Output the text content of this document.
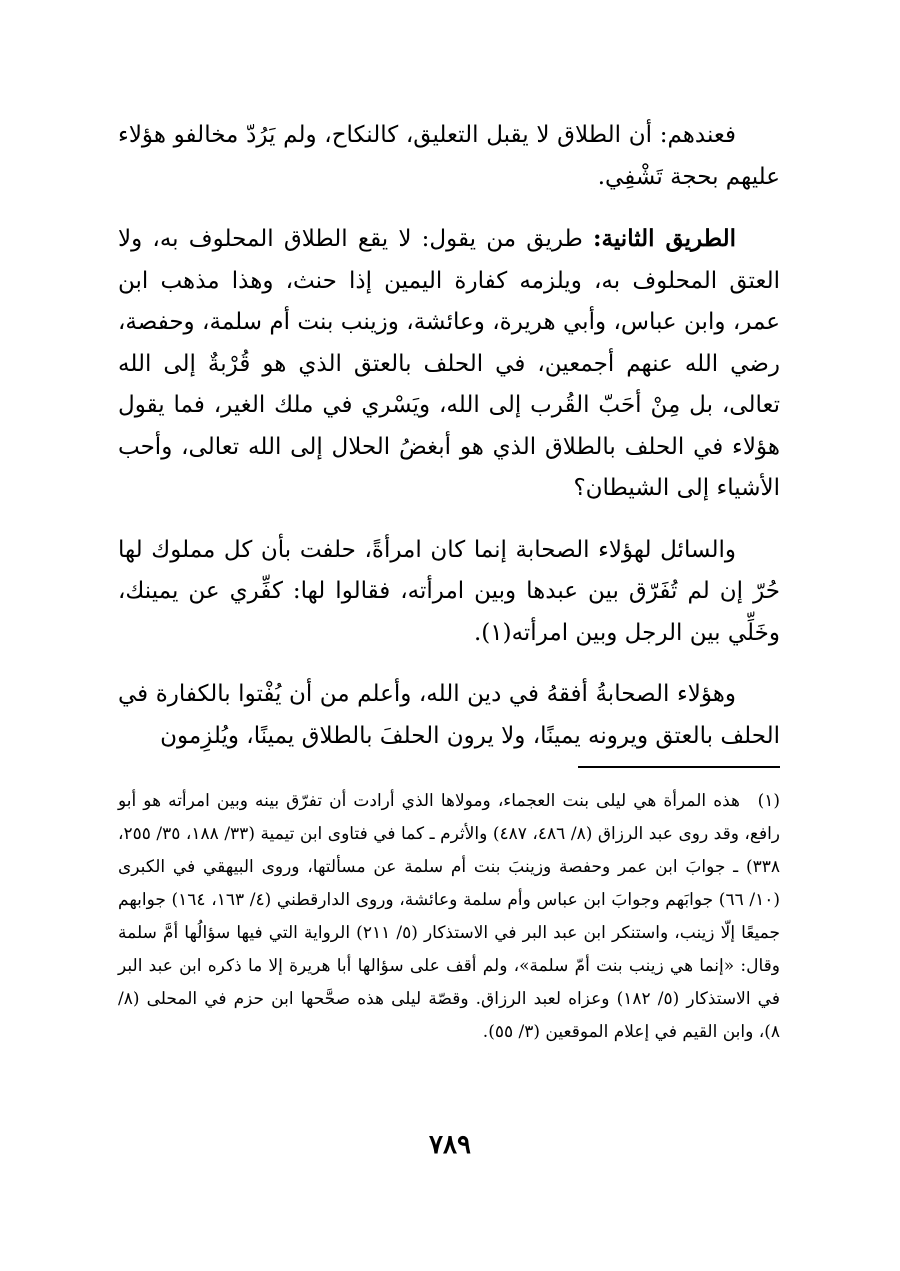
فعندهم: أن الطلاق لا يقبل التعليق، كالنكاح، ولم يَرُدّ مخالفو هؤلاء عليهم بحجة تَشْفِي.

الطريق الثانية: طريق من يقول: لا يقع الطلاق المحلوف به، ولا العتق المحلوف به، ويلزمه كفارة اليمين إذا حنث، وهذا مذهب ابن عمر، وابن عباس، وأبي هريرة، وعائشة، وزينب بنت أم سلمة، وحفصة، رضي الله عنهم أجمعين، في الحلف بالعتق الذي هو قُرْبةٌ إلى الله تعالى، بل مِنْ أحَبّ القُرب إلى الله، ويَسْري في ملك الغير، فما يقول هؤلاء في الحلف بالطلاق الذي هو أبغضُ الحلال إلى الله تعالى، وأحب الأشياء إلى الشيطان؟

والسائل لهؤلاء الصحابة إنما كان امرأةً، حلفت بأن كل مملوك لها حُرّ إن لم تُفَرّق بين عبدها وبين امرأته، فقالوا لها: كفِّري عن يمينك، وخَلِّي بين الرجل وبين امرأته(١).

وهؤلاء الصحابةُ أفقهُ في دين الله، وأعلم من أن يُفْتوا بالكفارة في الحلف بالعتق ويرونه يمينًا، ولا يرون الحلفَ بالطلاق يمينًا، ويُلزِمون

(١)هذه المرأة هي ليلى بنت العجماء، ومولاها الذي أرادت أن تفرّق بينه وبين امرأته هو أبو رافع، وقد روى عبد الرزاق (٨/ ٤٨٦، ٤٨٧) والأثرم ـ كما في فتاوى ابن تيمية (٣٣/ ١٨٨، ٣٥/ ٢٥٥، ٣٣٨) ـ جوابَ ابن عمر وحفصة وزينبَ بنت أم سلمة عن مسألتها، وروى البيهقي في الكبرى (١٠/ ٦٦) جوابَهم وجوابَ ابن عباس وأم سلمة وعائشة، وروى الدارقطني (٤/ ١٦٣، ١٦٤) جوابهم جميعًا إلّا زينب، واستنكر ابن عبد البر في الاستذكار (٥/ ٢١١) الرواية التي فيها سؤالُها أمَّ سلمة وقال: «إنما هي زينب بنت أمّ سلمة»، ولم أقف على سؤالها أبا هريرة إلا ما ذكره ابن عبد البر في الاستذكار (٥/ ١٨٢) وعزاه لعبد الرزاق. وقصّة ليلى هذه صحَّحها ابن حزم في المحلى (٨/ ٨)، وابن القيم في إعلام الموقعين (٣/ ٥٥).
٧٨٩
